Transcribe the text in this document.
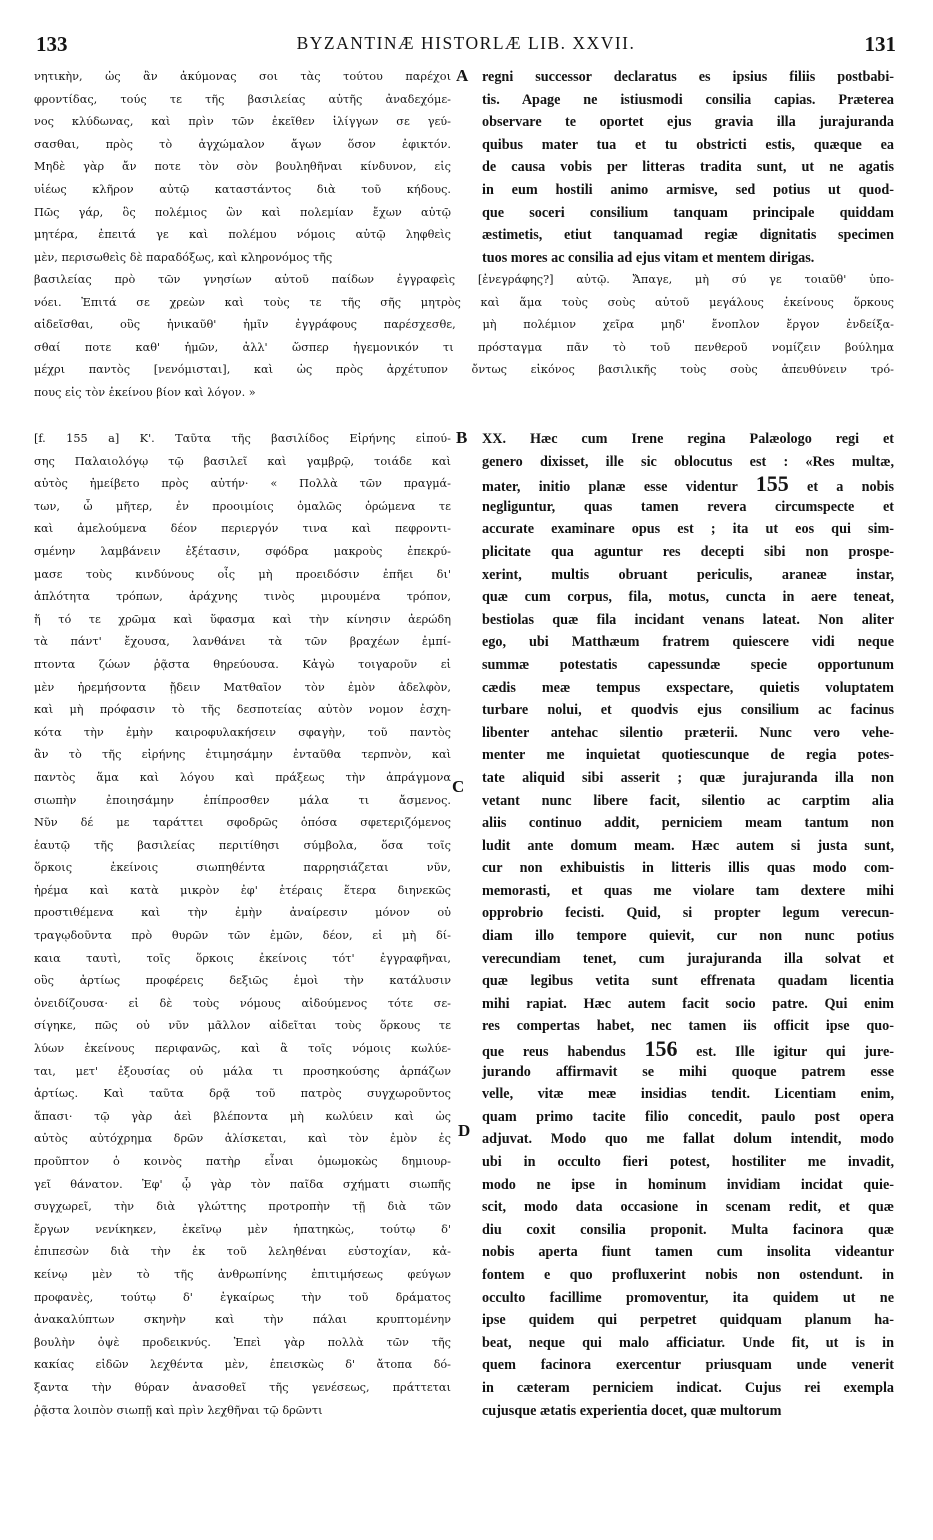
133	BYZANTINÆ HISTORLÆ LIB. XXVII.	131
νητικὴν, ὡς ἂν ἀκύμονας σοι τὰς τούτου παρέχοι
φροντίδας, τούς τε τῆς βασιλείας αὐτῆς ἀναδεχόμε-
νος κλύδωνας, καὶ πρὶν τῶν ἐκεῖθεν ἰλίγγων σε γεύ-
σασθαι, πρὸς τὸ ἀγχώμαλον ἄγων ὅσον ἐφικτόν.
Μηδὲ γὰρ ἄν ποτε τὸν σὸν βουληθῆναι κίνδυνον, εἰς
υἱέως κλῆρον αὐτῷ καταστάντος διὰ τοῦ κήδους.
Πῶς γάρ, ὃς πολέμιος ὢν καὶ πολεμίαν ἔχων αὐτῷ
μητέρα, ἐπειτά γε καὶ πολέμου νόμοις αὐτῷ ληφθεὶς
μὲν, περισωθεὶς δὲ παραδόξως, καὶ κληρονόμος τῆς
A regni successor declaratus es ipsius filiis postbabi-
tis. Apage ne istiusmodi consilia capias. Præterea
observare te oportet ejus gravia illa jurajuranda
quibus mater tua et tu obstricti estis, quæque ea
de causa vobis per litteras tradita sunt, ut ne agatis
in eum hostili animo armisve, sed potius ut quod-
que soceri consilium tanquam principale quiddam
æstimetis, etiut tanquamad regiæ dignitatis specimen
tuos mores ac consilia ad ejus vitam et mentem dirigas.
βασιλείας πρὸ τῶν γνησίων αὐτοῦ παίδων ἐγγραφεὶς [ἐνεγράφης?] αὐτῷ. Ἄπαγε, μὴ σύ γε τοιαῦθ' ὑπο-
νόει. Ἐπιτά σε χρεὼν καὶ τοὺς τε τῆς σῆς μητρὸς καὶ ἅμα τοὺς σοὺς αὐτοῦ μεγάλους ἐκείνους ὅρκους
αἰδεῖσθαι, οὓς ἡνικαῦθ' ἡμῖν ἐγγράφους παρέσχεσθε, μὴ πολέμιον χεῖρα μηδ' ἔνοπλον ἔργον ἐνδείξα-
σθαί ποτε καθ' ἡμῶν, ἀλλ' ὥσπερ ἡγεμονικόν τι πρόσταγμα πᾶν τὸ τοῦ πενθεροῦ νομίζειν βούλημα
μέχρι παντὸς [νενόμισται], καὶ ὡς πρὸς ἀρχέτυπον ὄντως εἰκόνος βασιλικῆς τοὺς σοὺς ἀπευθύνειν τρό-
πους εἰς τὸν ἐκείνου βίον καὶ λόγον. »
[f. 155 a] Κ'. Ταῦτα τῆς βασιλίδος Εἰρήνης εἰπού-
σης Παλαιολόγῳ τῷ βασιλεῖ καὶ γαμβρῷ, τοιάδε καὶ
αὐτὸς ἠμείβετο πρὸς αὐτήν· « Πολλὰ τῶν πραγμά-
των, ὦ μῆτερ, ἐν προοιμίοις ὁμαλῶς ὁρώμενα τε
καὶ ἀμελούμενα δέον περιεργόν τινα καὶ πεφροντι-
σμένην λαμβάνειν ἐξέτασιν, σφόδρα μακροὺς ἐπεκρύ-
μασε τοὺς κινδύνους οἷς μὴ προειδόσιν ἐπῆει δι'
ἁπλότητα τρόπων, ἀράχνης τινὸς μιρουμένα τρόπον,
ἥ τό τε χρῶμα καὶ ὕφασμα καὶ τὴν κίνησιν ἀερώδη
τὰ πάντ' ἔχουσα, λανθάνει τὰ τῶν βραχέων ἐμπί-
πτοντα ζώων ῥᾷστα θηρεύουσα. Κἀγὼ τοιγαροῦν εἰ
μὲν ἠρεμήσοντα ᾔδειν Ματθαῖον τὸν ἐμὸν ἀδελφὸν,
καὶ μὴ πρόφασιν τὸ τῆς δεσποτείας αὐτὸν νομον ἐσχη-
κότα τὴν ἐμὴν καιροφυλακήσειν σφαγὴν, τοῦ παντὸς
ἂν τὸ τῆς εἰρήνης ἐτιμησάμην ἐνταῦθα τερπνὸν, καὶ
παντὸς ἅμα καὶ λόγου καὶ πράξεως τὴν ἀπράγμονα
σιωπὴν ἐποιησάμην ἐπίπροσθεν μάλα τι ἄσμενος.
Νῦν δέ με ταράττει σφοδρῶς ὁπόσα σφετεριζόμενος
ἑαυτῷ τῆς βασιλείας περιτίθησι σύμβολα, ὅσα τοῖς
ὅρκοις ἐκείνοις σιωπηθέντα παρρησιάζεται νῦν,
ἠρέμα καὶ κατὰ μικρὸν ἐφ' ἑτέραις ἕτερα διηνεκῶς
προστιθέμενα καὶ τὴν ἐμὴν ἀναίρεσιν μόνον οὐ
τραγῳδοῦντα πρὸ θυρῶν τῶν ἐμῶν, δέον, εἰ μὴ δί-
καια ταυτὶ, τοῖς ὅρκοις ἐκείνοις τότ' ἐγγραφῆναι,
οὓς ἀρτίως προφέρεις δεξιῶς ἐμοὶ τὴν κατάλυσιν
ὀνειδίζουσα· εἰ δὲ τοὺς νόμους αἰδούμενος τότε σε-
σίγηκε, πῶς οὐ νῦν μᾶλλον αἰδεῖται τοὺς ὅρκους τε
λύων ἐκείνους περιφανῶς, καὶ ἃ τοῖς νόμοις κωλύε-
ται, μετ' ἐξουσίας οὐ μάλα τι προσηκούσης ἁρπάζων
ἀρτίως. Καὶ ταῦτα δρᾷ τοῦ πατρὸς συγχωροῦντος
ἅπασι· τῷ γὰρ ἀεὶ βλέποντα μὴ κωλύειν καὶ ὡς
αὐτὸς αὐτόχρημα δρῶν ἁλίσκεται, καὶ τὸν ἐμὸν ἐς
προῦπτον ὁ κοινὸς πατὴρ εἶναι ὀμωμοκὼς δημιουρ-
γεῖ θάνατον. Ἐφ' ᾧ γὰρ τὸν παῖδα σχήματι σιωπῆς
συγχωρεῖ, τὴν διὰ γλώττης προτροπὴν τῇ διὰ τῶν
ἔργων νενίκηκεν, ἐκεῖνῳ μὲν ἠπατηκὼς, τούτῳ δ'
ἐπιπεσὼν διὰ τὴν ἐκ τοῦ λεληθέναι εὐστοχίαν, κἀ-
κείνῳ μὲν τὸ τῆς ἀνθρωπίνης ἐπιτιμήσεως φεύγων
προφανὲς, τούτῳ δ' ἐγκαίρως τὴν τοῦ δράματος
ἀνακαλύπτων σκηνὴν καὶ τὴν πάλαι κρυπτομένην
βουλὴν ὀψὲ προδεικνύς. Ἐπεὶ γὰρ πολλὰ τῶν τῆς
κακίας εἰδῶν λεχθέντα μὲν, ἐπεισκὼς δ' ἄτοπα δό-
ξαντα τὴν θύραν ἀνασοθεῖ τῆς γενέσεως, πράττεται
ῥᾷστα λοιπὸν σιωπῇ καὶ πρὶν λεχθῆναι τῷ δρῶντι
B
C
D
XX. Hæc cum Irene regina Palæologo regi et
genero dixisset, ille sic oblocutus est : «Res multæ,
mater, initio planæ esse videntur 155 et a nobis
negliguntur, quas tamen revera circumspecte et
accurate examinare opus est ; ita ut eos qui sim-
plicitate qua aguntur res decepti sibi non prospe-
xerint, multis obruant periculis, araneæ instar,
quæ cum corpus, fila, motus, cuncta in aere teneat,
bestiolas quæ fila incidant venans lateat. Non aliter
ego, ubi Matthæum fratrem quiescere vidi neque
summæ potestatis capessundæ specie opportunum
cædis meæ tempus exspectare, quietis voluptatem
turbare nolui, et quodvis ejus consilium ac facinus
libenter antehac silentio præterii. Nunc vero vehe-
menter me inquietat quotiescunque de regia potes-
tate aliquid sibi asserit ; quæ jurajuranda illa non
vetant nunc libere facit, silentio ac carptim alia
aliis continuo addit, perniciem meam tantum non
ludit ante domum meam. Hæc autem si justa sunt,
cur non exhibuistis in litteris illis quas modo com-
memorasti, et quas me violare tam dextere mihi
opprobrio fecisti. Quid, si propter legum verecun-
diam illo tempore quievit, cur non nunc potius
verecundiam tenet, cum jurajuranda illa solvat et
quæ legibus vetita sunt effrenata quadam licentia
mihi rapiat. Hæc autem facit socio patre. Qui enim
res compertas habet, nec tamen iis officit ipse quo-
que reus habendus 156 est. Ille igitur qui jure-
jurando affirmavit se mihi quoque patrem esse
velle, vitæ meæ insidias tendit. Licentiam enim,
quam primo tacite filio concedit, paulo post opera
adjuvat. Modo quo me fallat dolum intendit, modo
ubi in occulto fieri potest, hostiliter me invadit,
modo ne ipse in hominum invidiam incidat quie-
scit, modo data occasione in scenam redit, et quæ
diu coxit consilia proponit. Multa facinora quæ
nobis aperta fiunt tamen cum insolita videantur
fontem e quo profluxerint nobis non ostendunt. in
occulto facillime promoventur, ita quidem ut ne
ipse quidem qui perpetret quidquam planum ha-
beat, neque qui malo afficiatur. Unde fit, ut is in
quem facinora exercentur priusquam unde venerit
in cæteram perniciem indicat. Cujus rei exempla
cujusque ætatis experientia docet, quæ multorum
